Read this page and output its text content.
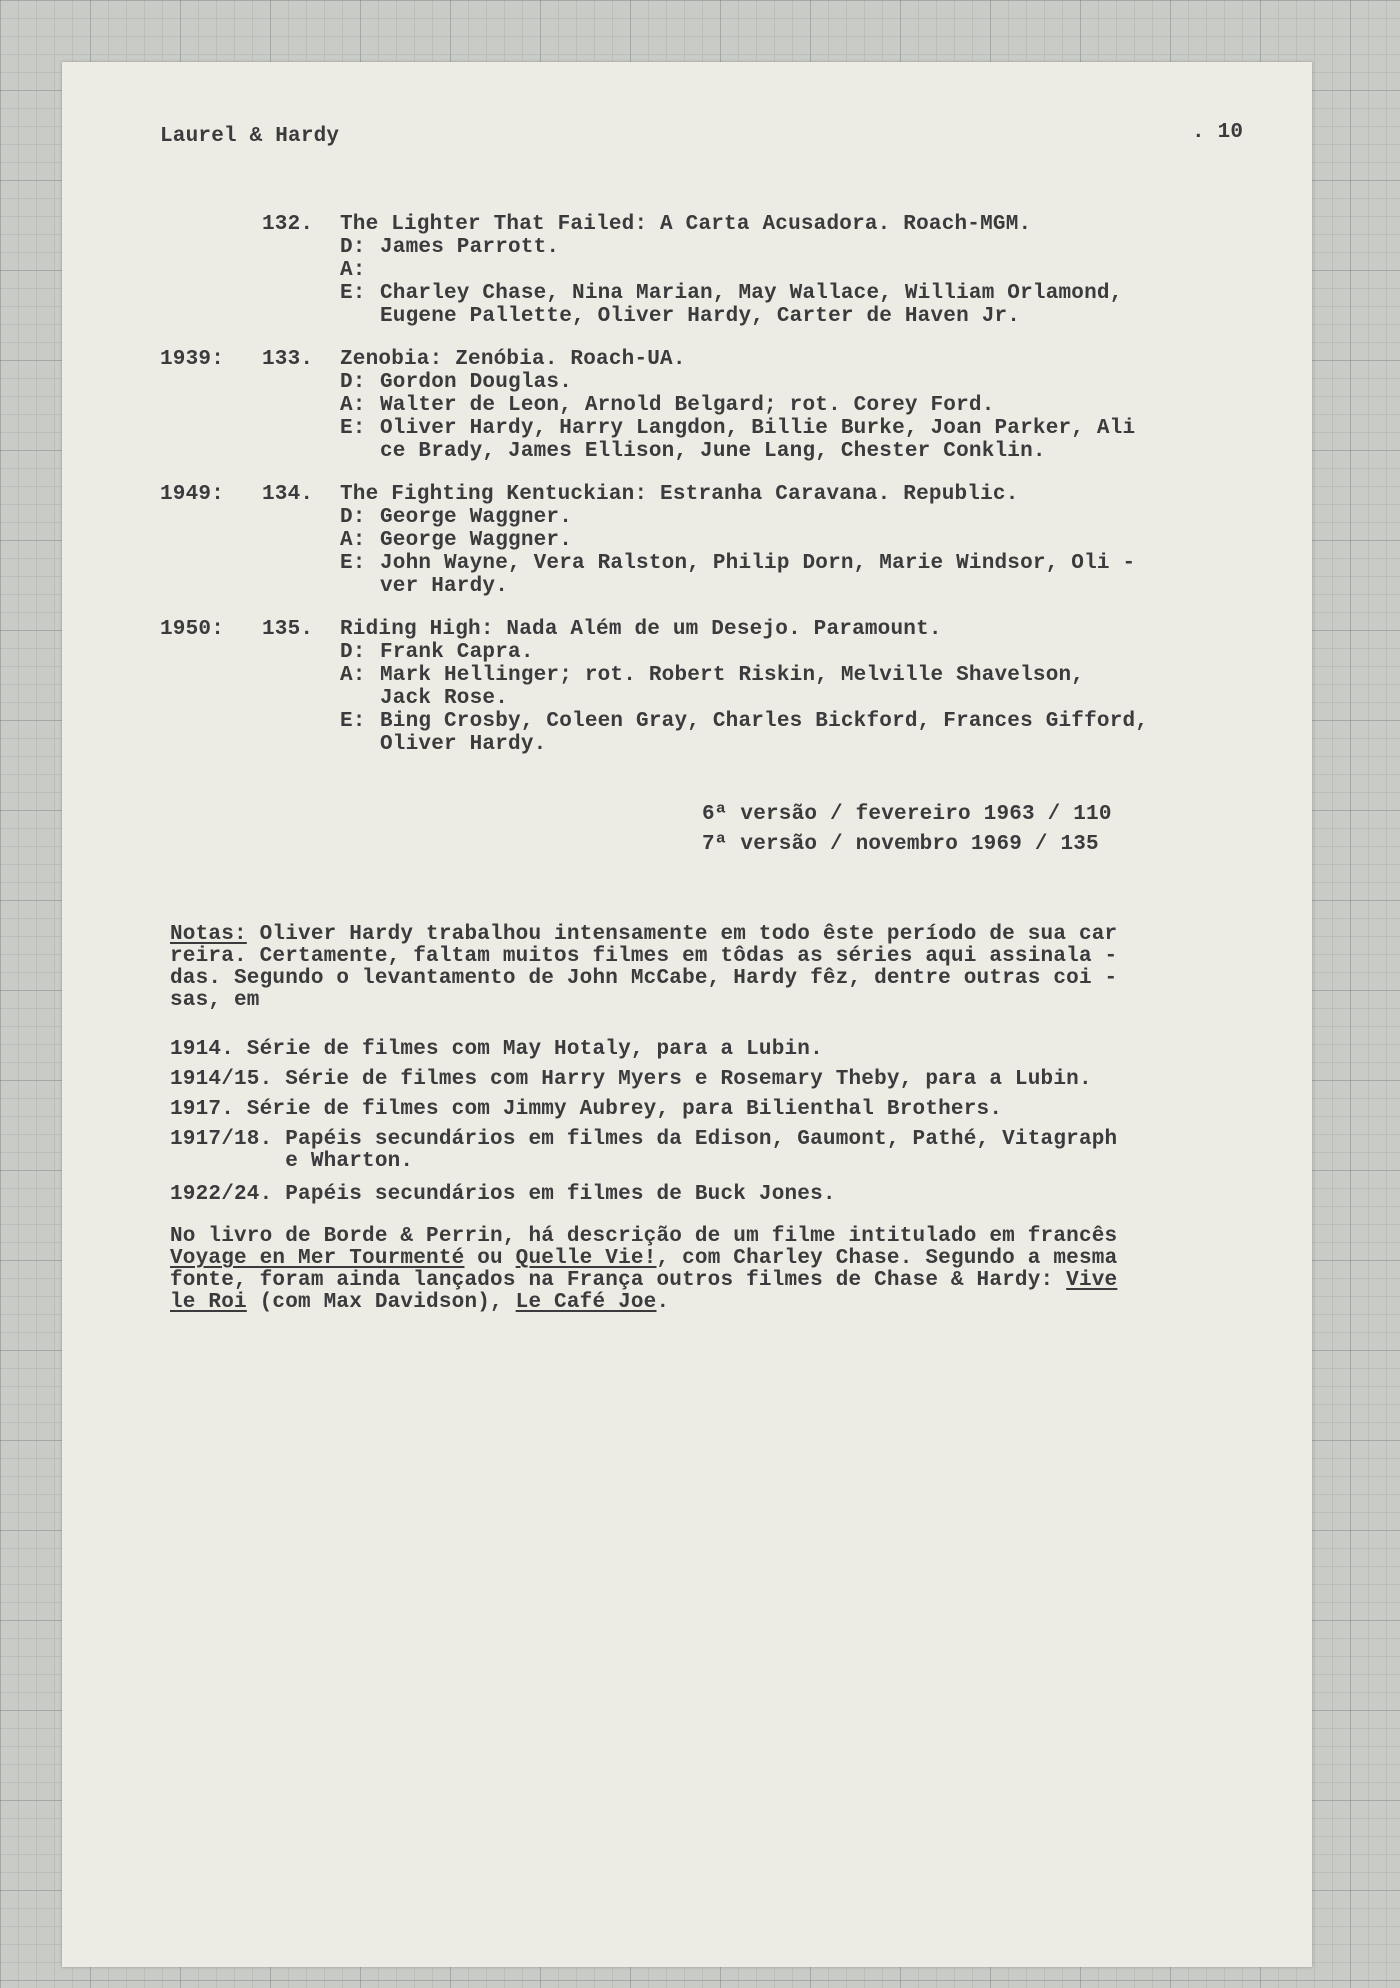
Laurel & Hardy	. 10
132. The Lighter That Failed: A Carta Acusadora. Roach-MGM.
D: James Parrott.
A:
E: Charley Chase, Nina Marian, May Wallace, William Orlamond,
Eugene Pallette, Oliver Hardy, Carter de Haven Jr.
1939: 133. Zenobia: Zenóbia. Roach-UA.
D: Gordon Douglas.
A: Walter de Leon, Arnold Belgard; rot. Corey Ford.
E: Oliver Hardy, Harry Langdon, Billie Burke, Joan Parker, Ali
ce Brady, James Ellison, June Lang, Chester Conklin.
1949: 134. The Fighting Kentuckian: Estranha Caravana. Republic.
D: George Waggner.
A: George Waggner.
E: John Wayne, Vera Ralston, Philip Dorn, Marie Windsor, Oli -
ver Hardy.
1950: 135. Riding High: Nada Além de um Desejo. Paramount.
D: Frank Capra.
A: Mark Hellinger; rot. Robert Riskin, Melville Shavelson,
Jack Rose.
E: Bing Crosby, Coleen Gray, Charles Bickford, Frances Gifford,
Oliver Hardy.
6ª versão / fevereiro 1963 / 110
7ª versão / novembro 1969 / 135
Notas: Oliver Hardy trabalhou intensamente em todo êste período de sua car
reira. Certamente, faltam muitos filmes em tôdas as séries aqui assinala -
das. Segundo o levantamento de John McCabe, Hardy fêz, dentre outras coi -
sas, em
1914. Série de filmes com May Hotaly, para a Lubin.
1914/15. Série de filmes com Harry Myers e Rosemary Theby, para a Lubin.
1917. Série de filmes com Jimmy Aubrey, para Bilienthal Brothers.
1917/18. Papéis secundários em filmes da Edison, Gaumont, Pathé, Vitagraph
e Wharton.
1922/24. Papéis secundários em filmes de Buck Jones.
No livro de Borde & Perrin, há descrição de um filme intitulado em francês
Voyage en Mer Tourmenté ou Quelle Vie!, com Charley Chase. Segundo a mesma
fonte, foram ainda lançados na França outros filmes de Chase & Hardy: Vive
le Roi (com Max Davidson), Le Café Joe.
